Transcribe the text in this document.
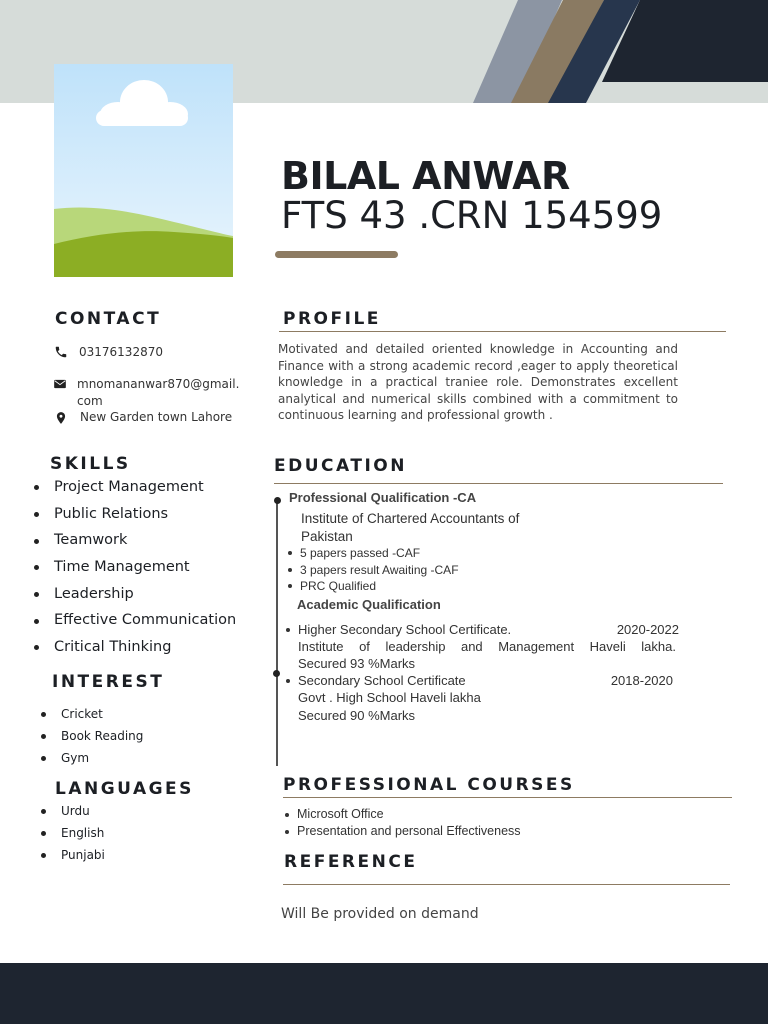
BILAL ANWAR
FTS 43 .CRN 154599
CONTACT
03176132870
mnomananwar870@gmail.
com
New Garden town Lahore
SKILLS
Project Management
Public Relations
Teamwork
Time Management
Leadership
Effective Communication
Critical Thinking
INTEREST
Cricket
Book Reading
Gym
LANGUAGES
Urdu
English
Punjabi
PROFILE
Motivated and detailed oriented knowledge in Accounting and Finance with a strong academic record ,eager to apply theoretical knowledge in a practical traniee role. Demonstrates excellent analytical and numerical skills combined with a commitment to continuous learning and professional growth .
EDUCATION
Professional Qualification -CA
Institute of Chartered Accountants of
Pakistan
5 papers passed -CAF
3 papers result Awaiting -CAF
PRC Qualified
Academic Qualification
Higher Secondary School Certificate.	2020-2022
Institute of leadership and Management Haveli lakha.
Secured 93 %Marks
Secondary School Certificate	2018-2020
Govt . High School Haveli lakha
Secured 90 %Marks
PROFESSIONAL COURSES
Microsoft Office
Presentation and personal Effectiveness
REFERENCE
Will Be provided on demand
